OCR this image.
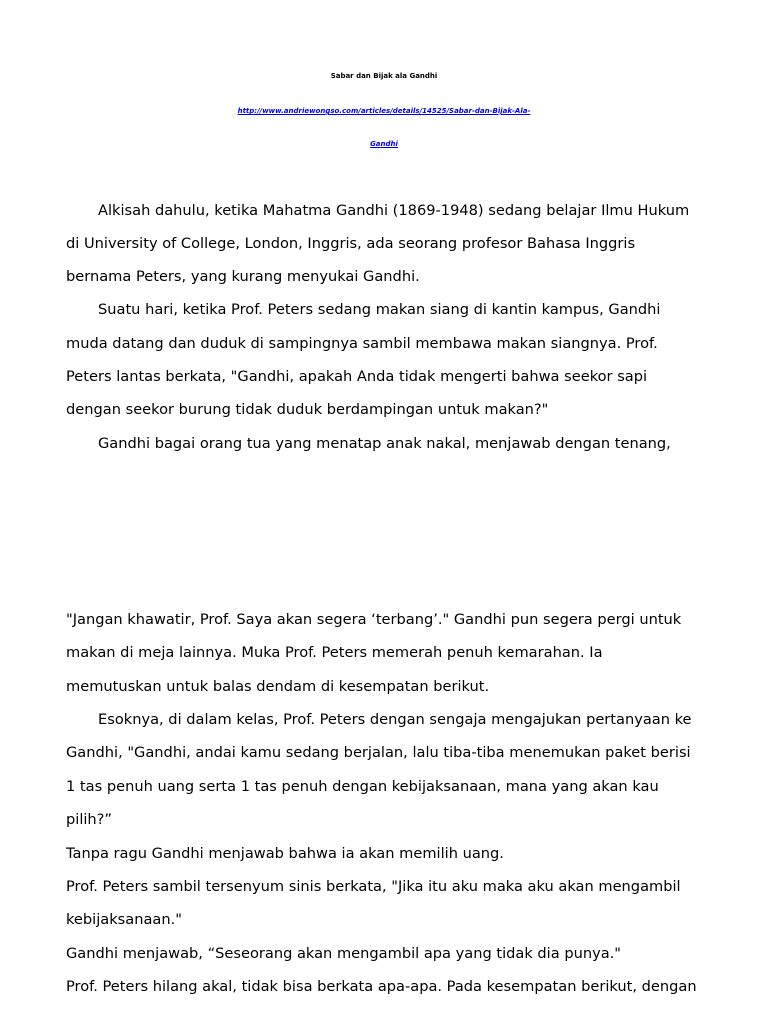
Sabar dan Bijak ala Gandhi
http://www.andriewongso.com/articles/details/14525/Sabar-dan-Bijak-Ala-
Gandhi
Alkisah dahulu, ketika Mahatma Gandhi (1869-1948) sedang belajar Ilmu Hukum
di University of College, London, Inggris, ada seorang profesor Bahasa Inggris
bernama Peters, yang kurang menyukai Gandhi.
Suatu hari, ketika Prof. Peters sedang makan siang di kantin kampus, Gandhi
muda datang dan duduk di sampingnya sambil membawa makan siangnya. Prof.
Peters lantas berkata, "Gandhi, apakah Anda tidak mengerti bahwa seekor sapi
dengan seekor burung tidak duduk berdampingan untuk makan?"
Gandhi bagai orang tua yang menatap anak nakal, menjawab dengan tenang,
"Jangan khawatir, Prof. Saya akan segera ‘terbang’." Gandhi pun segera pergi untuk
makan di meja lainnya. Muka Prof. Peters memerah penuh kemarahan. Ia
memutuskan untuk balas dendam di kesempatan berikut.
Esoknya, di dalam kelas, Prof. Peters dengan sengaja mengajukan pertanyaan ke
Gandhi, "Gandhi, andai kamu sedang berjalan, lalu tiba-tiba menemukan paket berisi
1 tas penuh uang serta 1 tas penuh dengan kebijaksanaan, mana yang akan kau
pilih?”
Tanpa ragu Gandhi menjawab bahwa ia akan memilih uang.
Prof. Peters sambil tersenyum sinis berkata, "Jika itu aku maka aku akan mengambil
kebijaksanaan."
Gandhi menjawab, “Seseorang akan mengambil apa yang tidak dia punya."
Prof. Peters hilang akal, tidak bisa berkata apa-apa. Pada kesempatan berikut, dengan
